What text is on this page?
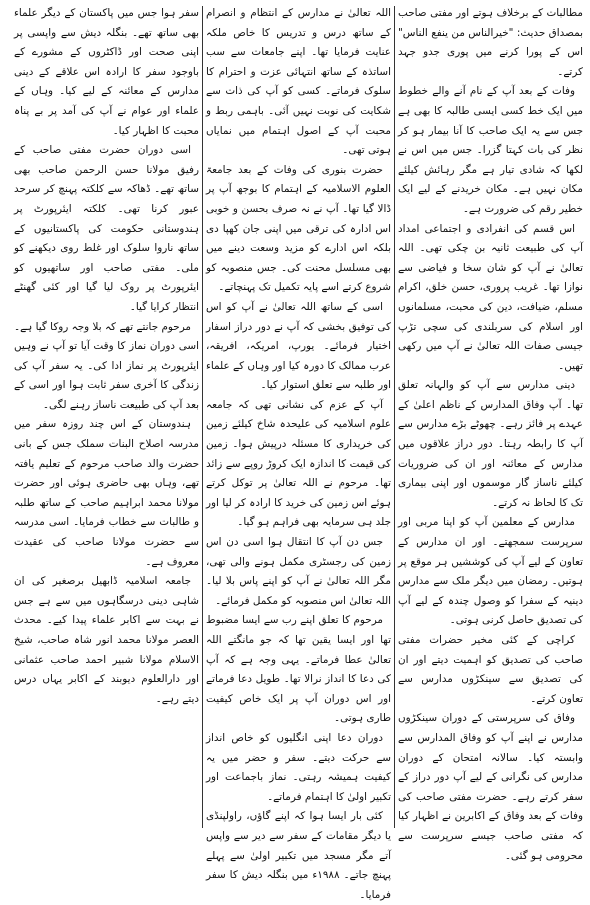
مطالبات کے برخلاف ہوتے اور مفتی صاحب بمصداق حدیث: "خیرالناس من ینفع الناس" اس کے پورا کرنے میں پوری جدو جہد کرتے۔

وفات کے بعد آپ کے نام آنے والے خطوط میں ایک خط کسی ایسی طالبہ کا بھی ہے جس سے یہ ایک صاحب کا آنا بیمار ہو کر نظر کی بات کہتا گزرا۔ جس میں اس نے لکھا کہ شادی تیار ہے مگر رہائش کیلئے مکان نہیں ہے۔ مکان خریدنے کے لیے ایک خطیر رقم کی ضرورت ہے۔

اس قسم کی انفرادی و اجتماعی امداد آپ کی طبیعت ثانیہ بن چکی تھی۔ اللہ تعالیٰ نے آپ کو شان سخا و فیاضی سے نوازا تھا۔ غریب پروری، حسن خلق، اکرام مسلم، ضیافت، دین کی محبت، مسلمانوں اور اسلام کی سربلندی کی سچی تڑپ جیسی صفات اللہ تعالیٰ نے آپ میں رکھی تھیں۔

دینی مدارس سے آپ کو والہانہ تعلق تھا۔ آپ وفاق المدارس کے ناظم اعلیٰ کے عہدے پر فائز رہے۔ چھوٹے بڑے مدارس سے آپ کا رابطہ رہتا۔ دور دراز علاقوں میں مدارس کے معائنہ اور ان کی ضروریات کیلئے ناساز گار موسموں اور اپنی بیماری تک کا لحاظ نہ کرتے۔

مدارس کے معلمین آپ کو اپنا مربی اور سرپرست سمجھتے۔ اور ان مدارس کے تعاون کے لیے آپ کی کوششیں ہر موقع پر ہوتیں۔ رمضان میں دیگر ملک سے مدارس دینیہ کے سفرا کو وصول چندہ کے لیے آپ کی تصدیق حاصل کرنی ہوتی۔

کراچی کے کئی مخیر حضرات مفتی صاحب کی تصدیق کو اہمیت دیتے اور ان کی تصدیق سے سینکڑوں مدارس سے تعاون کرتے۔

وفاق کی سرپرستی کے دوران سینکڑوں مدارس نے اپنے آپ کو وفاق المدارس سے وابستہ کیا۔ سالانہ امتحان کے دوران مدارس کی نگرانی کے لیے آپ دور دراز کے سفر کرتے رہے۔ حضرت مفتی صاحب کی وفات کے بعد وفاق کے اکابرین نے اظہار کیا کہ مفتی صاحب جیسے سرپرست سے محرومی ہو گئی۔

اللہ تعالیٰ نے مدارس کے انتظام و انصرام کے ساتھ درس و تدریس کا خاص ملکہ عنایت فرمایا تھا۔ اپنے جامعات سے سب اساتذہ کے ساتھ انتہائی عزت و احترام کا سلوک فرماتے۔ کسی کو آپ کی ذات سے شکایت کی نوبت نہیں آئی۔ باہمی ربط و محبت آپ کے اصول اہتمام میں نمایاں ہوتی تھی۔

حضرت بنوری کی وفات کے بعد جامعۃ العلوم الاسلامیہ کے اہتمام کا بوجھ آپ پر ڈالا گیا تھا۔ آپ نے نہ صرف بحسن و خوبی اس ادارہ کی ترقی میں اپنی جان کھپا دی بلکہ اس ادارے کو مزید وسعت دینے میں بھی مسلسل محنت کی۔ جس منصوبہ کو شروع کرتے اسے پایہ تکمیل تک پہنچاتے۔

اسی کے ساتھ اللہ تعالیٰ نے آپ کو اس کی توفیق بخشی کہ آپ نے دور دراز اسفار اختیار فرمائے۔ یورپ، امریکہ، افریقہ، عرب ممالک کا دورہ کیا اور وہاں کے علماء اور طلبہ سے تعلق استوار کیا۔

آپ کے عزم کی نشانی تھی کہ جامعہ علوم اسلامیہ کی علیحدہ شاخ کیلئے زمین کی خریداری کا مسئلہ درپیش ہوا۔ زمین کی قیمت کا اندازہ ایک کروڑ روپے سے زائد تھا۔ مرحوم نے اللہ تعالیٰ پر توکل کرتے ہوئے اس زمین کی خرید کا ارادہ کر لیا اور جلد ہی سرمایہ بھی فراہم ہو گیا۔

جس دن آپ کا انتقال ہوا اسی دن اس زمین کی رجسٹری مکمل ہونے والی تھی، مگر اللہ تعالیٰ نے آپ کو اپنے پاس بلا لیا۔ اللہ تعالیٰ اس منصوبہ کو مکمل فرمائے۔

مرحوم کا تعلق اپنے رب سے ایسا مضبوط تھا اور ایسا یقین تھا کہ جو مانگتے اللہ تعالیٰ عطا فرماتے۔ یہی وجہ ہے کہ آپ کی دعا کا انداز نرالا تھا۔ طویل دعا فرماتے اور اس دوران آپ پر ایک خاص کیفیت طاری ہوتی۔

دوران دعا اپنی انگلیوں کو خاص انداز سے حرکت دیتے۔ سفر و حضر میں یہ کیفیت ہمیشہ رہتی۔ نماز باجماعت اور تکبیر اولیٰ کا اہتمام فرماتے۔

کئی بار ایسا ہوا کہ اپنے گاؤں، راولپنڈی یا دیگر مقامات کے سفر سے دیر سے واپس آتے مگر مسجد میں تکبیر اولیٰ سے پہلے پہنچ جاتے۔ ۱۹۸۸ء میں بنگلہ دیش کا سفر فرمایا۔

سفر ہوا جس میں پاکستان کے دیگر علماء بھی ساتھ تھے۔ بنگلہ دیش سے واپسی پر اپنی صحت اور ڈاکٹروں کے مشورے کے باوجود سفر کا ارادہ اس علاقے کے دینی مدارس کے معائنہ کے لیے کیا۔ وہاں کے علماء اور عوام نے آپ کی آمد پر بے پناہ محبت کا اظہار کیا۔

اسی دوران حضرت مفتی صاحب کے رفیق مولانا حسن الرحمن صاحب بھی ساتھ تھے۔ ڈھاکہ سے کلکتہ پہنچ کر سرحد عبور کرنا تھی۔ کلکتہ ایئرپورٹ پر ہندوستانی حکومت کی پاکستانیوں کے ساتھ ناروا سلوک اور غلط روی دیکھنے کو ملی۔ مفتی صاحب اور ساتھیوں کو ایئرپورٹ پر روک لیا گیا اور کئی گھنٹے انتظار کرایا گیا۔

مرحوم جانتے تھے کہ بلا وجہ روکا گیا ہے۔ اسی دوران نماز کا وقت آیا تو آپ نے وہیں ایئرپورٹ پر نماز ادا کی۔ یہ سفر آپ کی زندگی کا آخری سفر ثابت ہوا اور اسی کے بعد آپ کی طبیعت ناساز رہنے لگی۔

ہندوستان کے اس چند روزہ سفر میں مدرسہ اصلاح البنات سملک جس کے بانی حضرت والد صاحب مرحوم کے تعلیم یافتہ تھے، وہاں بھی حاضری ہوئی اور حضرت مولانا محمد ابراہیم صاحب کے ساتھ طلبہ و طالبات سے خطاب فرمایا۔ اسی مدرسہ سے حضرت مولانا صاحب کی عقیدت معروف ہے۔

جامعہ اسلامیہ ڈابھیل برصغیر کی ان شاہی دینی درسگاہوں میں سے ہے جس نے بہت سے اکابر علماء پیدا کیے۔ محدث العصر مولانا محمد انور شاہ صاحب، شیخ الاسلام مولانا شبیر احمد صاحب عثمانی اور دارالعلوم دیوبند کے اکابر یہاں درس دیتے رہے۔
